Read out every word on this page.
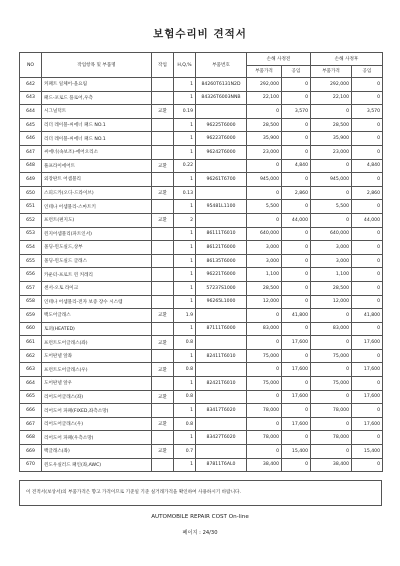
보험수리비 견적서
NO	작업항목 및 부품명	작업	H,Q,%	부품번호	손해 사정전		손해 사정후	
					부품가격	공임	부품가격	공임
642	커패트 일체어-올요림		1	84260T6131N2D	292,000	0	292,000	0
643	패드-포로드 플로어,우측		1	84326T6003NNB	22,100	0	22,100	0
644	시그널덕트	교환	0.19		0	3,570	0	3,570
645	리더 레이블-씨에너 패드 NO.1		1	96225T6000	28,500	0	28,500	0
646	리더 레이블-씨에너 패드 NO.1		1	96223T6000	35,900	0	35,900	0
647	씨에너(속보조)-에어오리소		1	96242T6000	23,000	0	23,000	0
648	풀프라이에어트	교환	0.22		0	4,840	0	4,840
649	외장판트 어셈블리		1	96261T6700	945,000	0	945,000	0
650	스피드카(오디-드라이브)	교환	0.13		0	2,860	0	2,860
651	인테나 어셈블리-스마트키		1	95481L1100	5,500	0	5,500	0
652	프런트(편지도)	교환	2		0	44,000	0	44,000
653	윈지어셈블리(파트인서)		1	86111T6010	640,000	0	640,000	0
654	몰딩-윈도실드,상부		1	86121T6000	3,000	0	3,000	0
655	몰딩-윈도실드 글래스		1	86135T6000	3,000	0	3,000	0
656	카운터-프로트 윈 커레리		1	96221T6000	1,100	0	1,100	0
657	센서-오토 라이크		1	57237S1000	28,500	0	28,500	0
658	인테나 어셈블리-전자 보증 장수 시스템		1	96265L1000	12,000	0	12,000	0
659	백도어글래스	교환	1.9		0	41,800	0	41,800
660	토퍼(HEATED)		1	87111T6000	83,000	0	83,000	0
661	프런트도어글래스(좌)	교환	0.8		0	17,600	0	17,600
662	도어판넬 앞좌		1	82411T6010	75,000	0	75,000	0
663	프런트도어글래스(우)	교환	0.8		0	17,600	0	17,600
664	도어판넬 앞우		1	82421T6010	75,000	0	75,000	0
665	리어도어글래스(좌)	교환	0.8		0	17,600	0	17,600
666	리어도어 파패(FIXED,좌측소망)		1	83417T6020	78,000	0	78,000	0
667	리어도어글래스(우)	교환	0.8		0	17,600	0	17,600
668	리어도어 파패(우측소망)		1	83427T6020	78,000	0	78,000	0
669	백글래스(좌)	교환	0.7		0	15,400	0	15,400
670	윈도우실러드 패인(좌,AWC)		1	87811T6AL0	38,400	0	38,400	0
이 견적서(보상서)의 부품가격은 향고 가격이므로 기준일 기준 실거래가격을 확인하여 사용하시기 바랍니다.
AUTOMOBILE REPAIR COST On-line
페이지 : 24/30
